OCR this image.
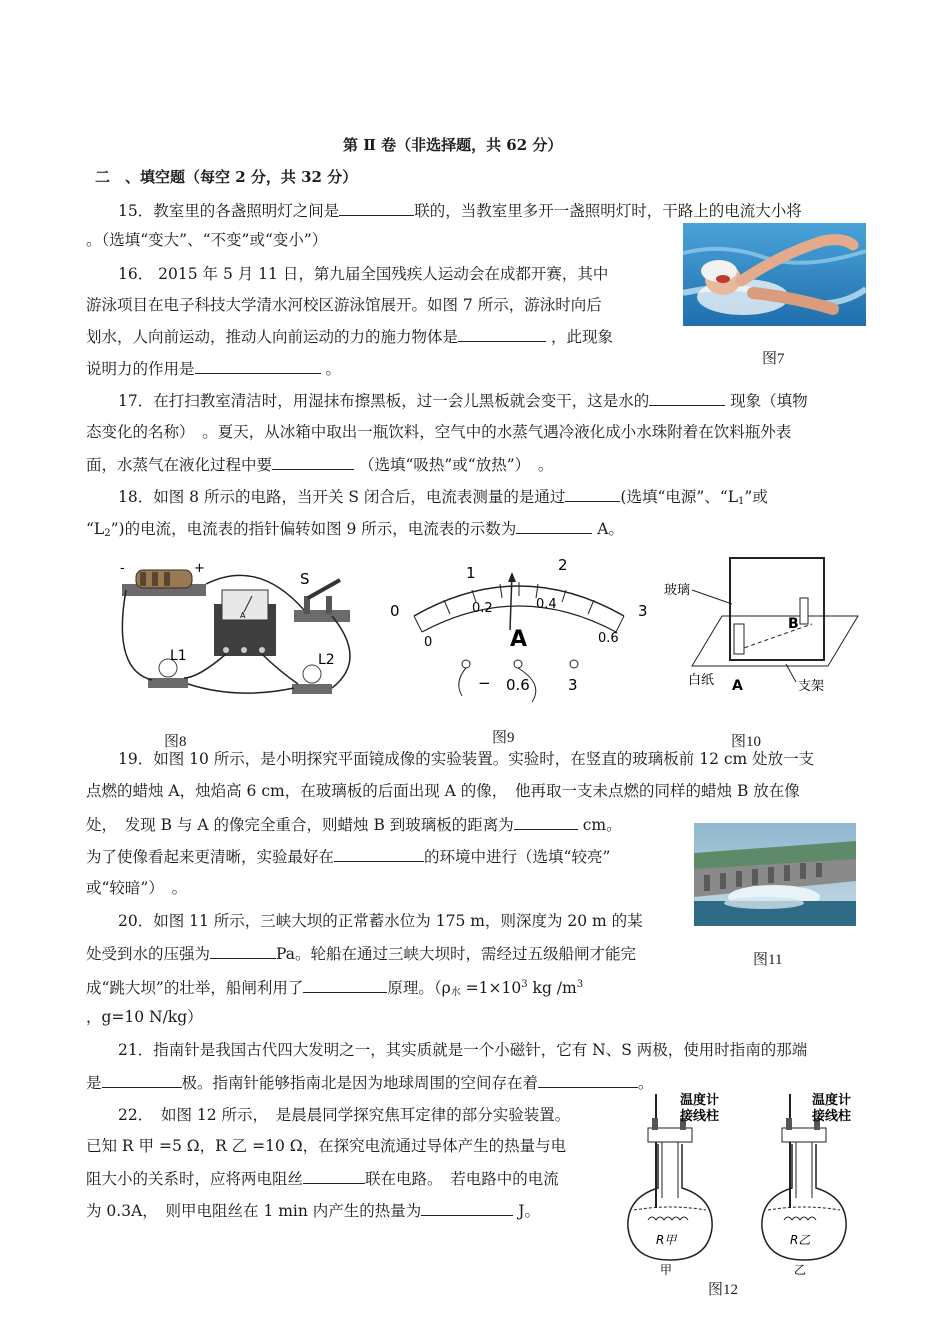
第 Ⅱ 卷（非选择题，共 62 分）
二　、填空题（每空 2 分，共 32 分）
15．教室里的各盏照明灯之间是	联的，当教室里多开一盏照明灯时，干路上的电流大小将
。（选填“变大”、“不变”或“变小”）
16． 2015 年 5 月 11 日，第九届全国残疾人运动会在成都开赛，其中
游泳项目在电子科技大学清水河校区游泳馆展开。如图 7 所示，游泳时向后
划水，人向前运动，推动人向前运动的力的施力物体是	，此现象
说明力的作用是	。
图7
17．在打扫教室清洁时，用湿抹布擦黑板，过一会儿黑板就会变干，这是水的	现象（填物
态变化的名称）　。夏天，从冰箱中取出一瓶饮料，空气中的水蒸气遇冷液化成小水珠附着在饮料瓶外表
面，水蒸气在液化过程中要	（选填“吸热”或“放热”）　。
18．如图 8 所示的电路，当开关 S 闭合后，电流表测量的是通过	(选填“电源”、“$L_1$”或
“$L_2$”)的电流，电流表的指针偏转如图 9 所示，电流表的示数为	A。
-	+
S
A
L1	L2
图8
0
1	2
3
0
0.2	0.4
0.6
A
− 0.6	3
图9
玻璃
白纸	支架
A
B
图10
19．如图 10 所示，是小明探究平面镜成像的实验装置。实验时，在竖直的玻璃板前 12 cm 处放一支
点燃的蜡烛 A，烛焰高 6 cm，在玻璃板的后面出现 A 的像，　他再取一支未点燃的同样的蜡烛 B 放在像
处，　发现 B 与 A 的像完全重合，则蜡烛 B 到玻璃板的距离为	cm。
为了使像看起来更清晰，实验最好在	的环境中进行（选填“较亮”
或“较暗”）　。
图11
20．如图 11 所示，三峡大坝的正常蓄水位为 175 m，则深度为 20 m 的某
处受到水的压强为	Pa。轮船在通过三峡大坝时，需经过五级船闸才能完
成“跳大坝”的壮举，船闸利用了	原理。（$\rho_水 =1\times 10^3$ kg $/m^3$
，g=10 N/kg）
21．指南针是我国古代四大发明之一，其实质就是一个小磁针，它有 N、S 两极，使用时指南的那端
是	极。指南针能够指南北是因为地球周围的空间存在着	。
22．　如图 12 所示，　是晨晨同学探究焦耳定律的部分实验装置。
已知 R 甲 =5 Ω，R 乙 =10 Ω，在探究电流通过导体产生的热量与电
阻大小的关系时，应将两电阻丝	联在电路。　若电路中的电流
为 0.3A，　则甲电阻丝在 1 min 内产生的热量为	J。
温度计
接线柱
R甲
甲
温度计
接线柱
R乙
乙
图12
